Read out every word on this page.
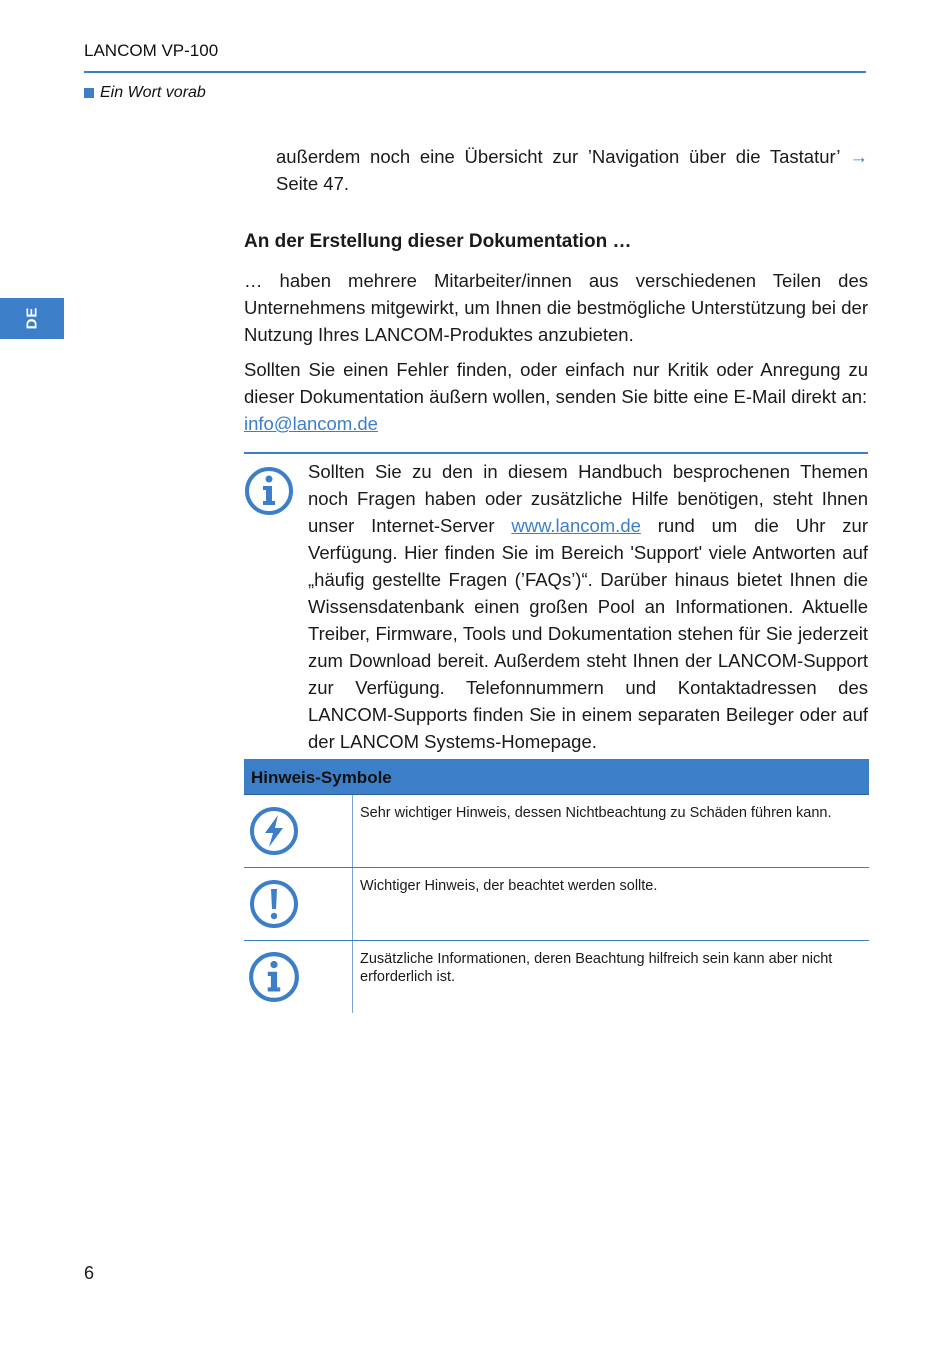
LANCOM VP-100
Ein Wort vorab
DE
außerdem noch eine Übersicht zur ’Navigation über die Tastatur’ → Seite 47.
An der Erstellung dieser Dokumentation …
… haben mehrere Mitarbeiter/innen aus verschiedenen Teilen des Unternehmens mitgewirkt, um Ihnen die bestmögliche Unterstützung bei der Nutzung Ihres LANCOM-Produktes anzubieten.
Sollten Sie einen Fehler finden, oder einfach nur Kritik oder Anregung zu dieser Dokumentation äußern wollen, senden Sie bitte eine E-Mail direkt an:
info@lancom.de
Sollten Sie zu den in diesem Handbuch besprochenen Themen noch Fragen haben oder zusätzliche Hilfe benötigen, steht Ihnen unser Internet-Server www.lancom.de rund um die Uhr zur Verfügung. Hier finden Sie im Bereich 'Support' viele Antworten auf „häufig gestellte Fragen (’FAQs’)“. Darüber hinaus bietet Ihnen die Wissensdatenbank einen großen Pool an Informationen. Aktuelle Treiber, Firmware, Tools und Dokumentation stehen für Sie jederzeit zum Download bereit. Außerdem steht Ihnen der LANCOM-Support zur Verfügung. Telefonnummern und Kontaktadressen des LANCOM-Supports finden Sie in einem separaten Beileger oder auf der LANCOM Systems-Homepage.
Hinweis-Symbole
Sehr wichtiger Hinweis, dessen Nichtbeachtung zu Schäden führen kann.
Wichtiger Hinweis, der beachtet werden sollte.
Zusätzliche Informationen, deren Beachtung hilfreich sein kann aber nicht erforderlich ist.
6
